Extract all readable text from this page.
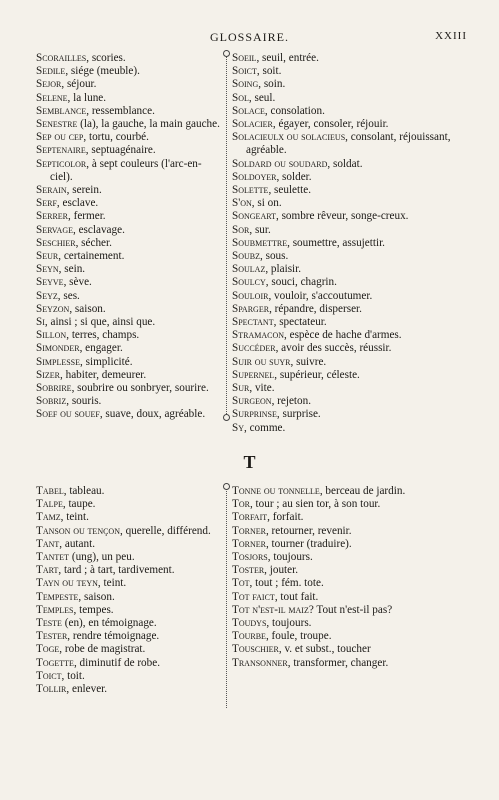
GLOSSAIRE.	XXIII

Scorailles, scories.

Sedile, siége (meuble).

Sejor, séjour.

Selene, la lune.

Semblance, ressemblance.

Senestre (la), la gauche, la main gauche.

Sep ou cep, tortu, courbé.

Septenaire, septuagénaire.

Septicolor, à sept couleurs (l'arc-en-ciel).

Serain, serein.

Serf, esclave.

Serrer, fermer.

Servage, esclavage.

Seschier, sécher.

Seur, certainement.

Seyn, sein.

Seyve, sève.

Seyz, ses.

Seyzon, saison.

Si, ainsi ; si que, ainsi que.

Sillon, terres, champs.

Simonder, engager.

Simplesse, simplicité.

Sizer, habiter, demeurer.

Sobrire, soubrire ou sonbryer, sourire.

Sobriz, souris.

Soef ou souef, suave, doux, agréable.

Soeil, seuil, entrée.

Soict, soit.

Soing, soin.

Sol, seul.

Solace, consolation.

Solacier, égayer, consoler, réjouir.

Solacieulx ou solacieus, consolant, réjouissant, agréable.

Soldard ou soudard, soldat.

Soldoyer, solder.

Solette, seulette.

S'on, si on.

Songeart, sombre rêveur, songe-creux.

Sor, sur.

Soubmettre, soumettre, assujettir.

Soubz, sous.

Soulaz, plaisir.

Soulcy, souci, chagrin.

Souloir, vouloir, s'accoutumer.

Sparger, répandre, disperser.

Spectant, spectateur.

Stramacon, espèce de hache d'armes.

Succéder, avoir des succès, réussir.

Suir ou suyr, suivre.

Supernel, supérieur, céleste.

Sur, vite.

Surgeon, rejeton.

Surprinse, surprise.

Sy, comme.

T

Tabel, tableau.

Talpe, taupe.

Tamz, teint.

Tanson ou tençon, querelle, différend.

Tant, autant.

Tantet (ung), un peu.

Tart, tard ; à tart, tardivement.

Tayn ou teyn, teint.

Tempeste, saison.

Temples, tempes.

Teste (en), en témoignage.

Tester, rendre témoignage.

Toge, robe de magistrat.

Togette, diminutif de robe.

Toict, toit.

Tollir, enlever.

Tonne ou tonnelle, berceau de jardin.

Tor, tour ; au sien tor, à son tour.

Torfait, forfait.

Torner, retourner, revenir.

Torner, tourner (traduire).

Tosjors, toujours.

Toster, jouter.

Tot, tout ; fém. tote.

Tot faict, tout fait.

Tot n'est-il maiz? Tout n'est-il pas?

Toudys, toujours.

Tourbe, foule, troupe.

Touschier, v. et subst., toucher

Transonner, transformer, changer.
